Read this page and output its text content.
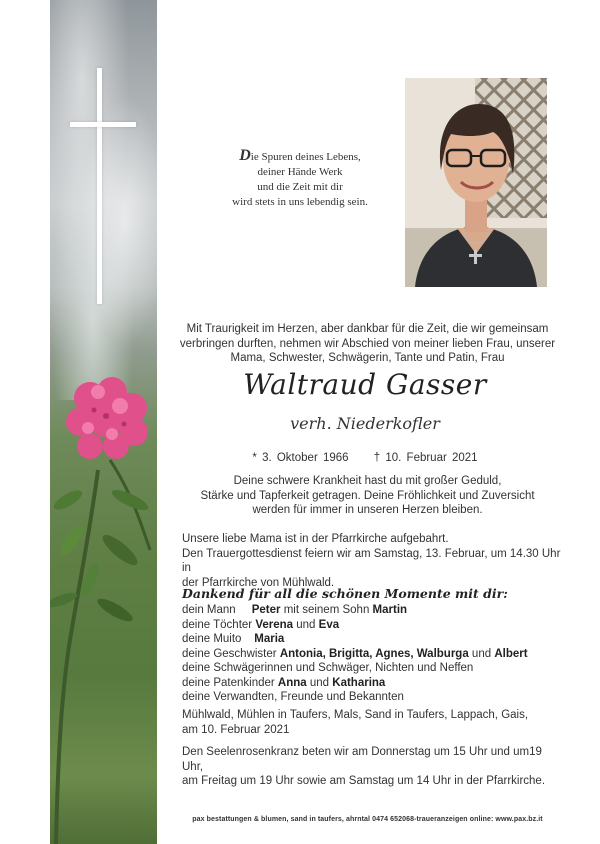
Die Spuren deines Lebens,
deiner Hände Werk
und die Zeit mit dir
wird stets in uns lebendig sein.
Mit Traurigkeit im Herzen, aber dankbar für die Zeit, die wir gemeinsam
verbringen durften, nehmen wir Abschied von meiner lieben Frau, unserer
Mama, Schwester, Schwägerin, Tante und Patin, Frau
Waltraud Gasser
verh. Niederkofler
* 3. Oktober 1966 † 10. Februar 2021
Deine schwere Krankheit hast du mit großer Geduld,
Stärke und Tapferkeit getragen. Deine Fröhlichkeit und Zuversicht
werden für immer in unseren Herzen bleiben.
Unsere liebe Mama ist in der Pfarrkirche aufgebahrt.
Den Trauergottesdienst feiern wir am Samstag, 13. Februar, um 14.30 Uhr in
der Pfarrkirche von Mühlwald.
Dankend für all die schönen Momente mit dir:
dein Mann Peter mit seinem Sohn Martin
deine Töchter Verena und Eva
deine Muito Maria
deine Geschwister Antonia, Brigitta, Agnes, Walburga und Albert
deine Schwägerinnen und Schwäger, Nichten und Neffen
deine Patenkinder Anna und Katharina
deine Verwandten, Freunde und Bekannten
Mühlwald, Mühlen in Taufers, Mals, Sand in Taufers, Lappach, Gais,
am 10. Februar 2021
Den Seelenrosenkranz beten wir am Donnerstag um 15 Uhr und um19 Uhr,
am Freitag um 19 Uhr sowie am Samstag um 14 Uhr in der Pfarrkirche.
pax bestattungen & blumen, sand in taufers, ahrntal 0474 652068-traueranzeigen online: www.pax.bz.it
